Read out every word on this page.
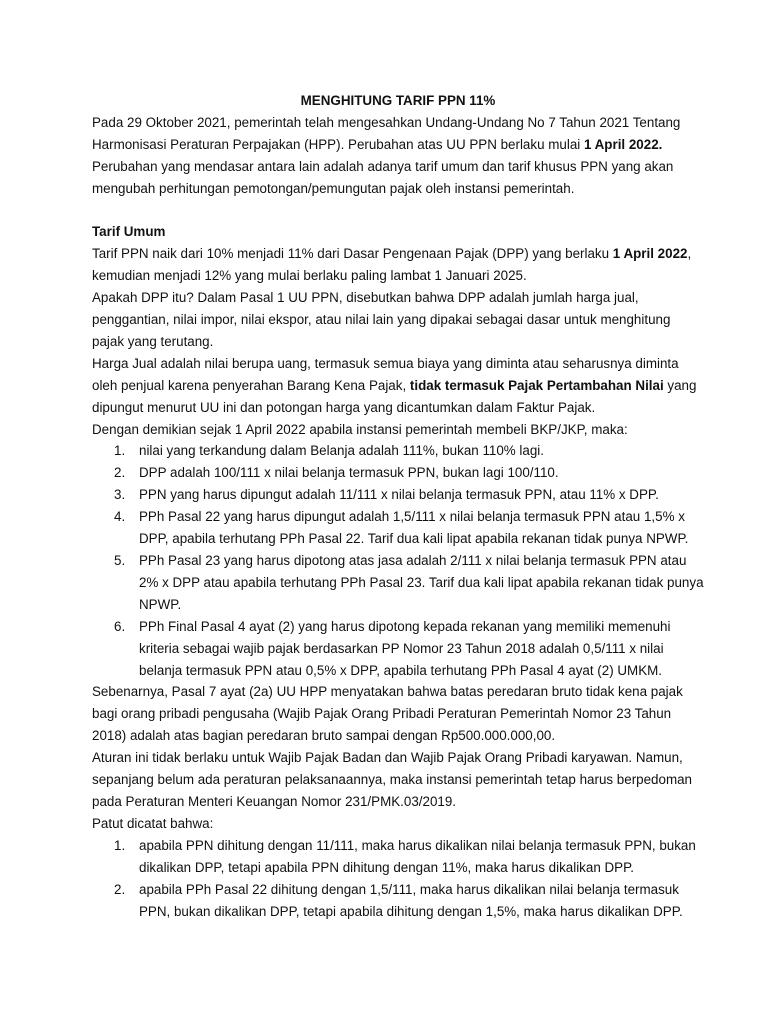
MENGHITUNG TARIF PPN 11%

Pada 29 Oktober 2021, pemerintah telah mengesahkan Undang-Undang No 7 Tahun 2021 Tentang Harmonisasi Peraturan Perpajakan (HPP). Perubahan atas UU PPN berlaku mulai 1 April 2022. Perubahan yang mendasar antara lain adalah adanya tarif umum dan tarif khusus PPN yang akan mengubah perhitungan pemotongan/pemungutan pajak oleh instansi pemerintah.

Tarif Umum

Tarif PPN naik dari 10% menjadi 11% dari Dasar Pengenaan Pajak (DPP) yang berlaku 1 April 2022, kemudian menjadi 12% yang mulai berlaku paling lambat 1 Januari 2025.

Apakah DPP itu? Dalam Pasal 1 UU PPN, disebutkan bahwa DPP adalah jumlah harga jual, penggantian, nilai impor, nilai ekspor, atau nilai lain yang dipakai sebagai dasar untuk menghitung pajak yang terutang.

Harga Jual adalah nilai berupa uang, termasuk semua biaya yang diminta atau seharusnya diminta oleh penjual karena penyerahan Barang Kena Pajak, tidak termasuk Pajak Pertambahan Nilai yang dipungut menurut UU ini dan potongan harga yang dicantumkan dalam Faktur Pajak.

Dengan demikian sejak 1 April 2022 apabila instansi pemerintah membeli BKP/JKP, maka:

1. nilai yang terkandung dalam Belanja adalah 111%, bukan 110% lagi.
2. DPP adalah 100/111 x nilai belanja termasuk PPN, bukan lagi 100/110.
3. PPN yang harus dipungut adalah 11/111 x nilai belanja termasuk PPN, atau 11% x DPP.
4. PPh Pasal 22 yang harus dipungut adalah 1,5/111 x nilai belanja termasuk PPN atau 1,5% x DPP, apabila terhutang PPh Pasal 22. Tarif dua kali lipat apabila rekanan tidak punya NPWP.
5. PPh Pasal 23 yang harus dipotong atas jasa adalah 2/111 x nilai belanja termasuk PPN atau 2% x DPP atau apabila terhutang PPh Pasal 23. Tarif dua kali lipat apabila rekanan tidak punya NPWP.
6. PPh Final Pasal 4 ayat (2) yang harus dipotong kepada rekanan yang memiliki memenuhi kriteria sebagai wajib pajak berdasarkan PP Nomor 23 Tahun 2018 adalah 0,5/111 x nilai belanja termasuk PPN atau 0,5% x DPP, apabila terhutang PPh Pasal 4 ayat (2) UMKM.

Sebenarnya, Pasal 7 ayat (2a) UU HPP menyatakan bahwa batas peredaran bruto tidak kena pajak bagi orang pribadi pengusaha (Wajib Pajak Orang Pribadi Peraturan Pemerintah Nomor 23 Tahun 2018) adalah atas bagian peredaran bruto sampai dengan Rp500.000.000,00.

Aturan ini tidak berlaku untuk Wajib Pajak Badan dan Wajib Pajak Orang Pribadi karyawan. Namun, sepanjang belum ada peraturan pelaksanaannya, maka instansi pemerintah tetap harus berpedoman pada Peraturan Menteri Keuangan Nomor 231/PMK.03/2019.

Patut dicatat bahwa:

1. apabila PPN dihitung dengan 11/111, maka harus dikalikan nilai belanja termasuk PPN, bukan dikalikan DPP, tetapi apabila PPN dihitung dengan 11%, maka harus dikalikan DPP.
2. apabila PPh Pasal 22 dihitung dengan 1,5/111, maka harus dikalikan nilai belanja termasuk PPN, bukan dikalikan DPP, tetapi apabila dihitung dengan 1,5%, maka harus dikalikan DPP.
